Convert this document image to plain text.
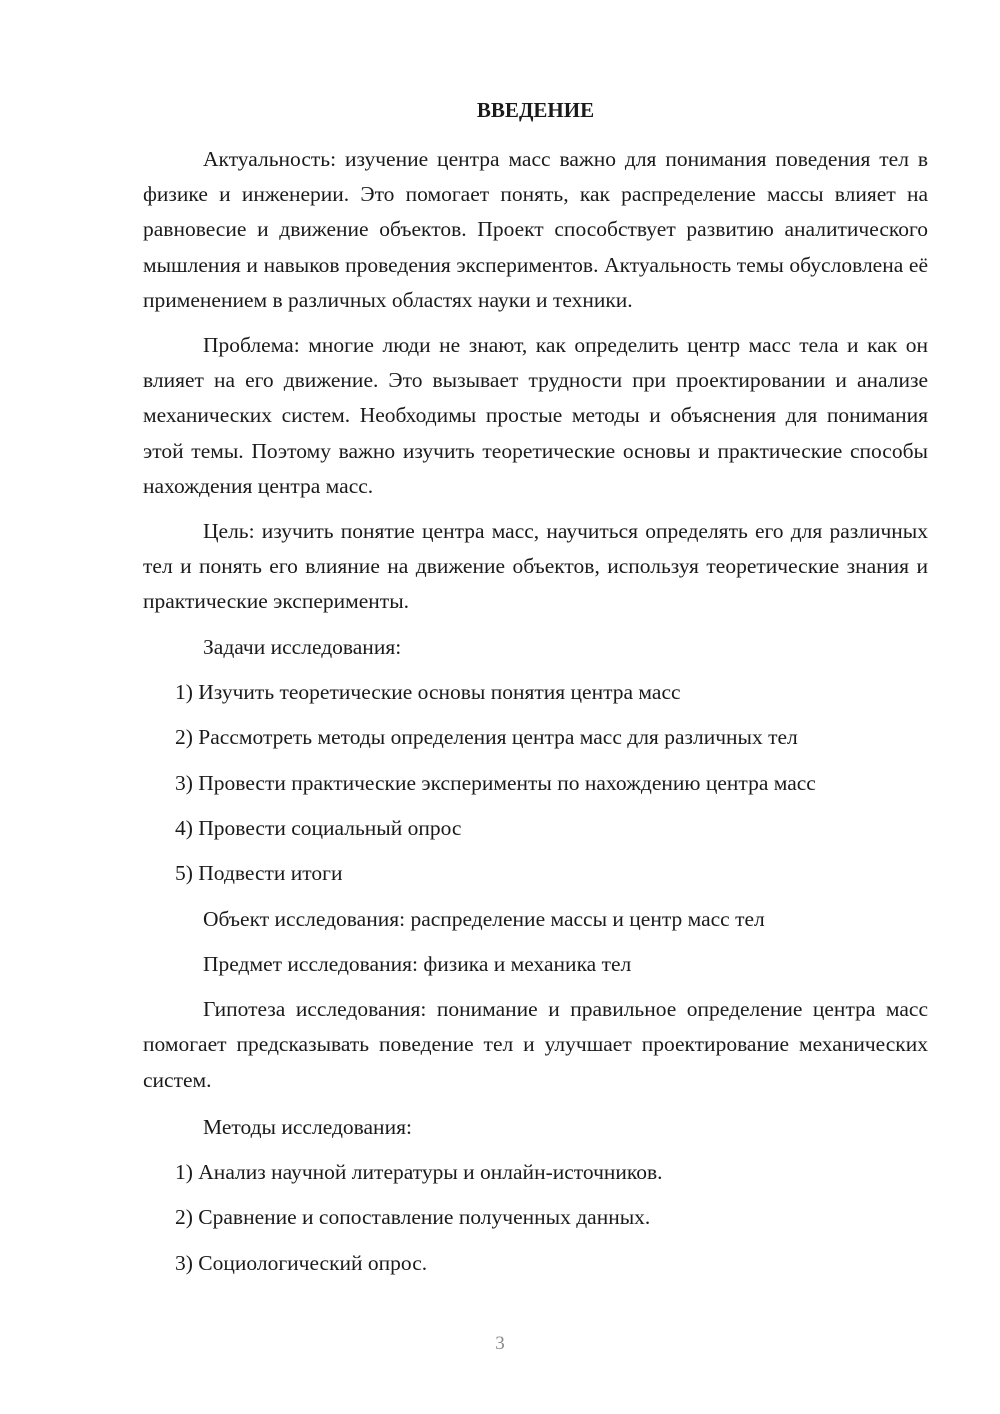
ВВЕДЕНИЕ

Актуальность: изучение центра масс важно для понимания поведения тел в физике и инженерии. Это помогает понять, как распределение массы влияет на равновесие и движение объектов. Проект способствует развитию аналитического мышления и навыков проведения экспериментов. Актуальность темы обусловлена её применением в различных областях науки и техники.

Проблема: многие люди не знают, как определить центр масс тела и как он влияет на его движение. Это вызывает трудности при проектировании и анализе механических систем. Необходимы простые методы и объяснения для понимания этой темы. Поэтому важно изучить теоретические основы и практические способы нахождения центра масс.

Цель: изучить понятие центра масс, научиться определять его для различных тел и понять его влияние на движение объектов, используя теоретические знания и практические эксперименты.

Задачи исследования:
1) Изучить теоретические основы понятия центра масс
2) Рассмотреть методы определения центра масс для различных тел
3) Провести практические эксперименты по нахождению центра масс
4) Провести социальный опрос
5) Подвести итоги
Объект исследования: распределение массы и центр масс тел
Предмет исследования: физика и механика тел

Гипотеза исследования: понимание и правильное определение центра масс помогает предсказывать поведение тел и улучшает проектирование механических систем.

Методы исследования:
1) Анализ научной литературы и онлайн-источников.
2) Сравнение и сопоставление полученных данных.
3) Социологический опрос.
3
